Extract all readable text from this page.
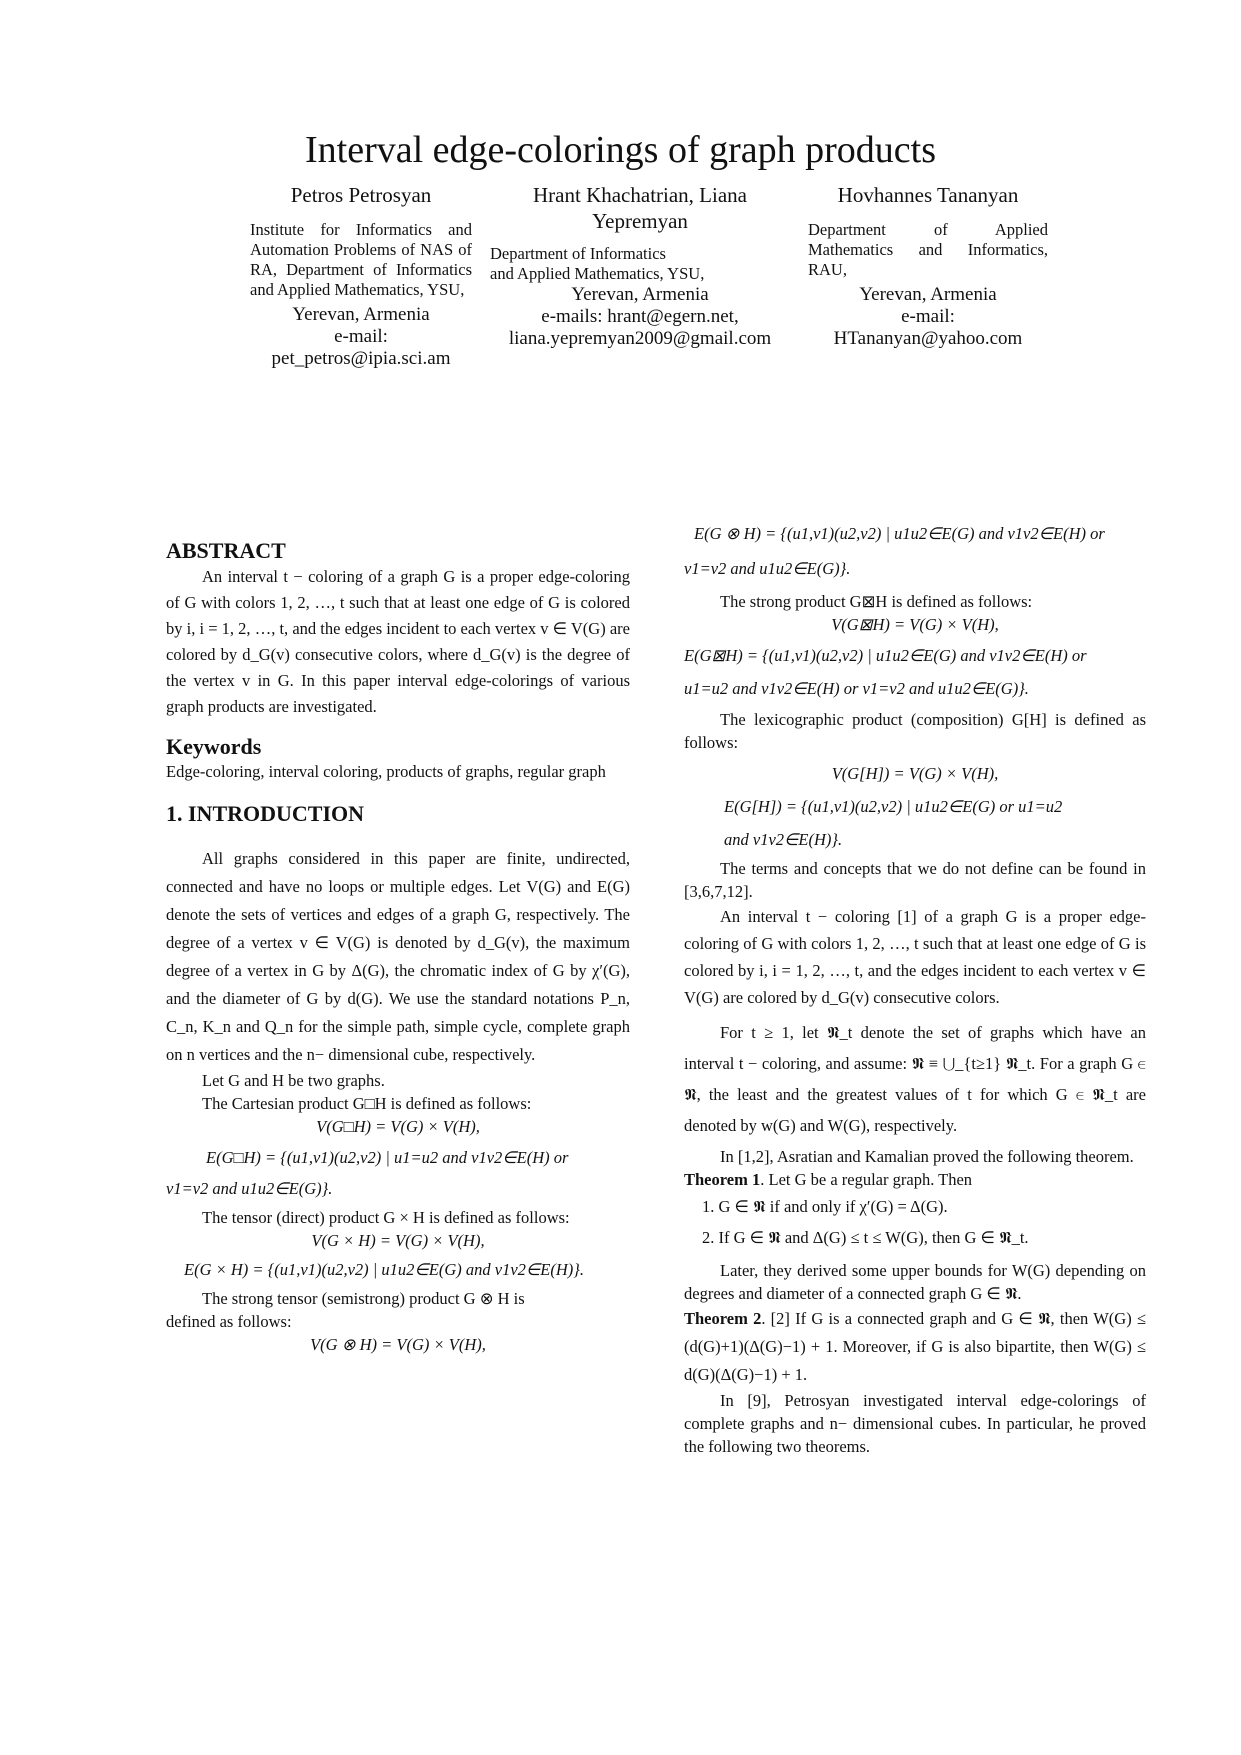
Interval edge-colorings of graph products
Petros Petrosyan
Institute for Informatics and Automation Problems of NAS of RA, Department of Informatics and Applied Mathematics, YSU,
Yerevan, Armenia
e-mail:
pet_petros@ipia.sci.am
Hrant Khachatrian, Liana Yepremyan
Department of Informatics
and Applied Mathematics, YSU,
Yerevan, Armenia
e-mails: hrant@egern.net,
liana.yepremyan2009@gmail.com
Hovhannes Tananyan
Department of Applied Mathematics and Informatics, RAU,
Yerevan, Armenia
e-mail:
HTananyan@yahoo.com

ABSTRACT

An interval t − coloring of a graph G is a proper edge-coloring of G with colors 1, 2, …, t such that at least one edge of G is colored by i, i = 1, 2, …, t, and the edges incident to each vertex v ∈ V(G) are colored by d_G(v) consecutive colors, where d_G(v) is the degree of the vertex v in G. In this paper interval edge-colorings of various graph products are investigated.

Keywords

Edge-coloring, interval coloring, products of graphs, regular graph

1. INTRODUCTION

All graphs considered in this paper are finite, undirected, connected and have no loops or multiple edges. Let V(G) and E(G) denote the sets of vertices and edges of a graph G, respectively. The degree of a vertex v ∈ V(G) is denoted by d_G(v), the maximum degree of a vertex in G by Δ(G), the chromatic index of G by χ′(G), and the diameter of G by d(G). We use the standard notations P_n, C_n, K_n and Q_n for the simple path, simple cycle, complete graph on n vertices and the n− dimensional cube, respectively.

Let G and H be two graphs.

The Cartesian product G□H is defined as follows:

V(G□H) = V(G) × V(H),

E(G□H) = {(u1,v1)(u2,v2) | u1=u2 and v1v2∈E(H) or

v1=v2 and u1u2∈E(G)}.

The tensor (direct) product G × H is defined as follows:

V(G × H) = V(G) × V(H),

E(G × H) = {(u1,v1)(u2,v2) | u1u2∈E(G) and v1v2∈E(H)}.

The strong tensor (semistrong) product G ⊗ H is

defined as follows:

V(G ⊗ H) = V(G) × V(H),

E(G ⊗ H) = {(u1,v1)(u2,v2) | u1u2∈E(G) and v1v2∈E(H) or

v1=v2 and u1u2∈E(G)}.

The strong product G⊠H is defined as follows:

V(G⊠H) = V(G) × V(H),

E(G⊠H) = {(u1,v1)(u2,v2) | u1u2∈E(G) and v1v2∈E(H) or

u1=u2 and v1v2∈E(H) or v1=v2 and u1u2∈E(G)}.

The lexicographic product (composition) G[H] is defined as follows:

V(G[H]) = V(G) × V(H),

E(G[H]) = {(u1,v1)(u2,v2) | u1u2∈E(G) or u1=u2

and v1v2∈E(H)}.

The terms and concepts that we do not define can be found in [3,6,7,12].

An interval t − coloring [1] of a graph G is a proper edge-coloring of G with colors 1, 2, …, t such that at least one edge of G is colored by i, i = 1, 2, …, t, and the edges incident to each vertex v ∈ V(G) are colored by d_G(v) consecutive colors.

For t ≥ 1, let 𝕹_t denote the set of graphs which have an interval t − coloring, and assume: 𝕹 ≡ ⋃_{t≥1} 𝕹_t. For a graph G ∈ 𝕹, the least and the greatest values of t for which G ∈ 𝕹_t are denoted by w(G) and W(G), respectively.

In [1,2], Asratian and Kamalian proved the following theorem.

Theorem 1. Let G be a regular graph. Then

1. G ∈ 𝕹 if and only if χ′(G) = Δ(G).

2. If G ∈ 𝕹 and Δ(G) ≤ t ≤ W(G), then G ∈ 𝕹_t.

Later, they derived some upper bounds for W(G) depending on degrees and diameter of a connected graph G ∈ 𝕹.

Theorem 2. [2] If G is a connected graph and G ∈ 𝕹, then W(G) ≤ (d(G)+1)(Δ(G)−1) + 1. Moreover, if G is also bipartite, then W(G) ≤ d(G)(Δ(G)−1) + 1.

In [9], Petrosyan investigated interval edge-colorings of complete graphs and n− dimensional cubes. In particular, he proved the following two theorems.
